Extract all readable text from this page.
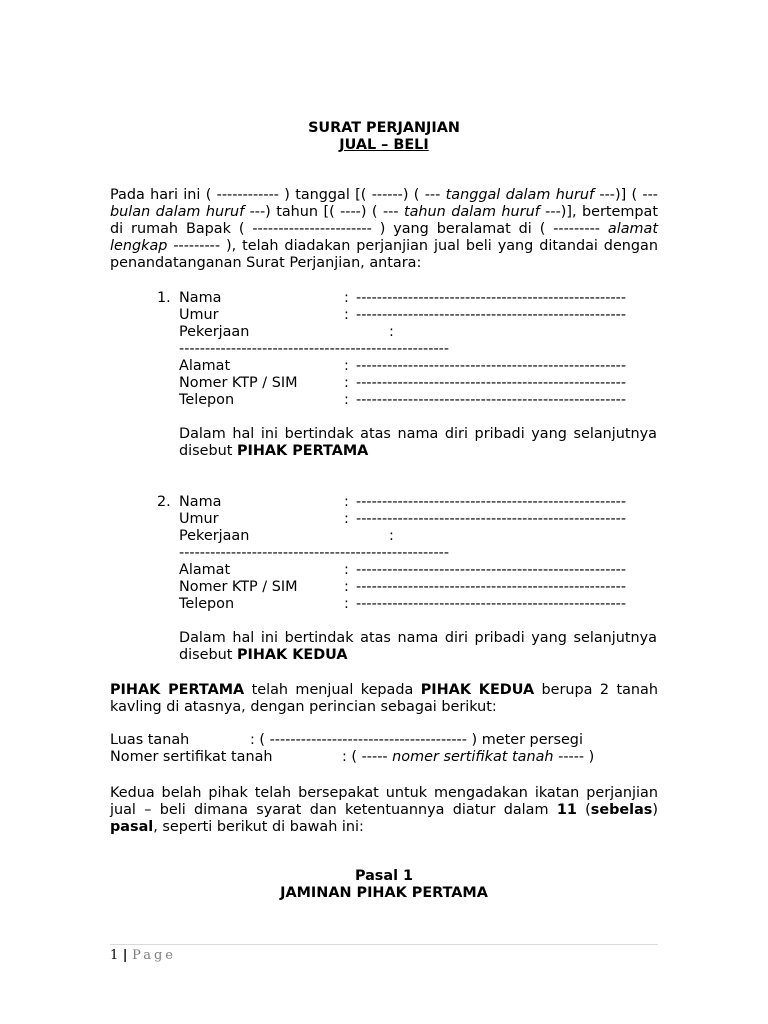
SURAT PERJANJIAN
JUAL – BELI
Pada hari ini ( ------------ ) tanggal [( ------) ( --- tanggal dalam huruf ---)] ( --- bulan dalam huruf ---) tahun [( ----) ( --- tahun dalam huruf ---)], bertempat di rumah Bapak ( ----------------------- ) yang beralamat di ( --------- alamat lengkap --------- ), telah diadakan perjanjian jual beli yang ditandai dengan penandatanganan Surat Perjanjian, antara:
1. Nama	: ----------------------------------------------------
Umur	: ----------------------------------------------------
Pekerjaan	:
----------------------------------------------------
Alamat	: ----------------------------------------------------
Nomer KTP / SIM	: ----------------------------------------------------
Telepon	: ----------------------------------------------------
Dalam hal ini bertindak atas nama diri pribadi yang selanjutnya disebut PIHAK PERTAMA
2. Nama	: ----------------------------------------------------
Umur	: ----------------------------------------------------
Pekerjaan	:
----------------------------------------------------
Alamat	: ----------------------------------------------------
Nomer KTP / SIM	: ----------------------------------------------------
Telepon	: ----------------------------------------------------
Dalam hal ini bertindak atas nama diri pribadi yang selanjutnya disebut PIHAK KEDUA
PIHAK PERTAMA telah menjual kepada PIHAK KEDUA berupa 2 tanah kavling di atasnya, dengan perincian sebagai berikut:
Luas tanah	: ( -------------------------------------- ) meter persegi
Nomer sertifikat tanah	: ( ----- nomer sertifikat tanah ----- )
Kedua belah pihak telah bersepakat untuk mengadakan ikatan perjanjian jual – beli dimana syarat dan ketentuannya diatur dalam 11 (sebelas) pasal, seperti berikut di bawah ini:
Pasal 1
JAMINAN PIHAK PERTAMA
1 | Page
